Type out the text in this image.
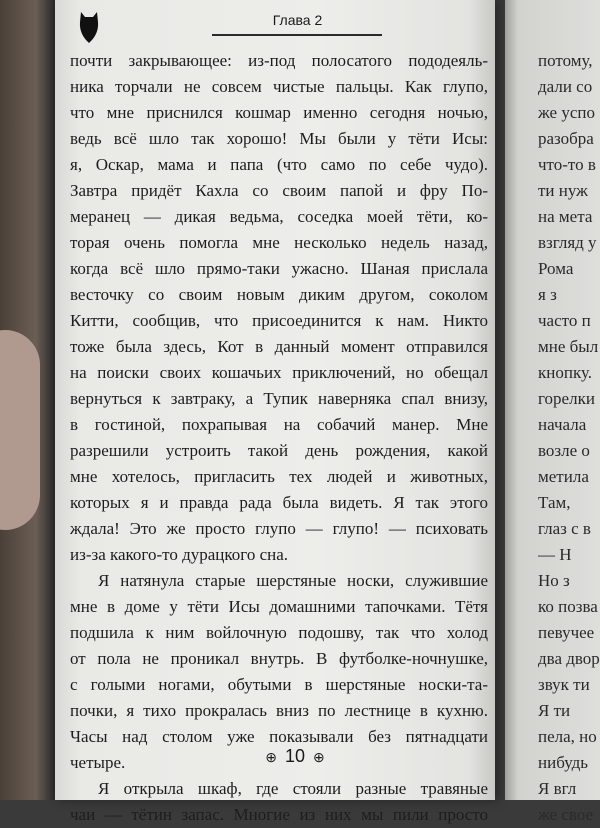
Глава 2
почти закрывающее: из-под полосатого пододеяль-
ника торчали не совсем чистые пальцы. Как глупо,
что мне приснился кошмар именно сегодня ночью,
ведь всё шло так хорошо! Мы были у тёти Исы:
я, Оскар, мама и папа (что само по себе чудо).
Завтра придёт Кахла со своим папой и фру По-
меранец — дикая ведьма, соседка моей тёти, ко-
торая очень помогла мне несколько недель назад,
когда всё шло прямо-таки ужасно. Шаная прислала
весточку со своим новым диким другом, соколом
Китти, сообщив, что присоединится к нам. Никто
тоже была здесь, Кот в данный момент отправился
на поиски своих кошачьих приключений, но обещал
вернуться к завтраку, а Тупик наверняка спал внизу,
в гостиной, похрапывая на собачий манер. Мне
разрешили устроить такой день рождения, какой
мне хотелось, пригласить тех людей и животных,
которых я и правда рада была видеть. Я так этого
ждала! Это же просто глупо — глупо! — психовать
из-за какого-то дурацкого сна.
Я натянула старые шерстяные носки, служившие
мне в доме у тёти Исы домашними тапочками. Тётя
подшила к ним войлочную подошву, так что холод
от пола не проникал внутрь. В футболке-ночнушке,
с голыми ногами, обутыми в шерстяные носки-та-
почки, я тихо прокралась вниз по лестнице в кухню.
Часы над столом уже показывали без пятнадцати
четыре.
Я открыла шкаф, где стояли разные травяные
чаи — тётин запас. Многие из них мы пили просто
⊕ 10 ⊕
потому,
дали со
же успо
разобра
что-то в
ти нуж
на мета
взгляд у
Рома
я з
часто п
мне был
кнопку.
горелки
начала
возле о
метила
Там,
глаз с в
— Н
Но з
ко позва
певучее
два двор
звук ти
Я ти
пела, но
нибудь
Я вгл
же свое
